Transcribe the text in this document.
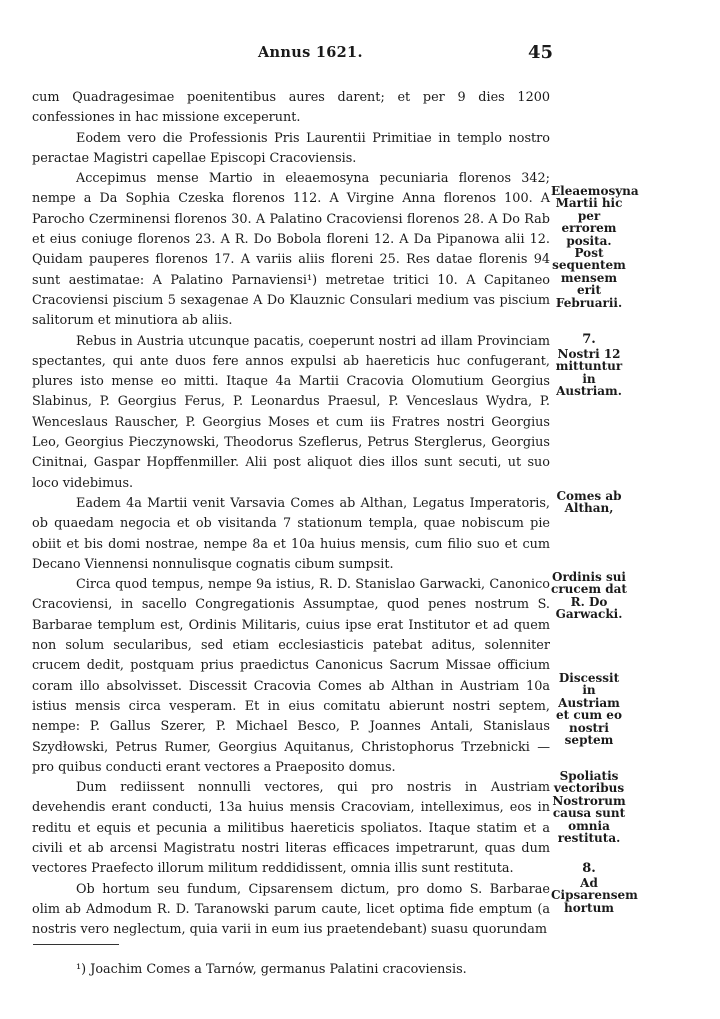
Annus 1621.	45

cum Quadragesimae poenitentibus aures darent; et per 9 dies 1200 confessiones in hac missione exceperunt.

Eodem vero die Professionis Pris Laurentii Primitiae in templo nostro peractae Magistri capellae Episcopi Cracoviensis.

Accepimus mense Martio in eleaemosyna pecuniaria florenos 342; nempe a Da Sophia Czeska florenos 112. A Virgine Anna florenos 100. A Parocho Czerminensi florenos 30. A Palatino Cracoviensi florenos 28. A Do Rab et eius coniuge florenos 23. A R. Do Bobola floreni 12. A Da Pipanowa alii 12. Quidam pauperes florenos 17. A variis aliis floreni 25. Res datae florenis 94 sunt aestimatae: A Palatino Parnaviensi¹) metretae tritici 10. A Capitaneo Cracoviensi piscium 5 sexagenae A Do Klauznic Consulari medium vas piscium salitorum et minutiora ab aliis.

Rebus in Austria utcunque pacatis, coeperunt nostri ad illam Provinciam spectantes, qui ante duos fere annos expulsi ab haereticis huc confugerant, plures isto mense eo mitti. Itaque 4a Martii Cracovia Olomutium Georgius Slabinus, P. Georgius Ferus, P. Leonardus Praesul, P. Venceslaus Wydra, P. Wenceslaus Rauscher, P. Georgius Moses et cum iis Fratres nostri Georgius Leo, Georgius Pieczynowski, Theodorus Szeflerus, Petrus Sterglerus, Georgius Cinitnai, Gaspar Hopffenmiller. Alii post aliquot dies illos sunt secuti, ut suo loco videbimus.

Eadem 4a Martii venit Varsavia Comes ab Althan, Legatus Imperatoris, ob quaedam negocia et ob visitanda 7 stationum templa, quae nobiscum pie obiit et bis domi nostrae, nempe 8a et 10a huius mensis, cum filio suo et cum Decano Viennensi nonnulisque cognatis cibum sumpsit.

Circa quod tempus, nempe 9a istius, R. D. Stanislao Garwacki, Canonico Cracoviensi, in sacello Congregationis Assumptae, quod penes nostrum S. Barbarae templum est, Ordinis Militaris, cuius ipse erat Institutor et ad quem non solum secularibus, sed etiam ecclesiasticis patebat aditus, solenniter crucem dedit, postquam prius praedictus Canonicus Sacrum Missae officium coram illo absolvisset. Discessit Cracovia Comes ab Althan in Austriam 10a istius mensis circa vesperam. Et in eius comitatu abierunt nostri septem, nempe: P. Gallus Szerer, P. Michael Besco, P. Joannes Antali, Stanislaus Szydłowski, Petrus Rumer, Georgius Aquitanus, Christophorus Trzebnicki — pro quibus conducti erant vectores a Praeposito domus.

Dum rediissent nonnulli vectores, qui pro nostris in Austriam devehendis erant conducti, 13a huius mensis Cracoviam, intelleximus, eos in reditu et equis et pecunia a militibus haereticis spoliatos. Itaque statim et a civili et ab arcensi Magistratu nostri literas efficaces impetrarunt, quas dum vectores Praefecto illorum militum reddidissent, omnia illis sunt restituta.

Ob hortum seu fundum, Cipsarensem dictum, pro domo S. Barbarae olim ab Admodum R. D. Taranowski parum caute, licet optima fide emptum (a nostris vero neglectum, quia varii in eum ius praetendebant) suasu quorundam

Eleaemosyna Martii hic per errorem posita. Post sequentem mensem erit Februarii.
7.
Nostri 12 mittuntur in Austriam.
Comes ab Althan,
Ordinis sui crucem dat R. Do Garwacki.
Discessit in Austriam et cum eo nostri septem
Spoliatis vectoribus Nostrorum causa sunt omnia restituta.
8.
Ad Cipsarensem hortum
¹) Joachim Comes a Tarnów, germanus Palatini cracoviensis.
